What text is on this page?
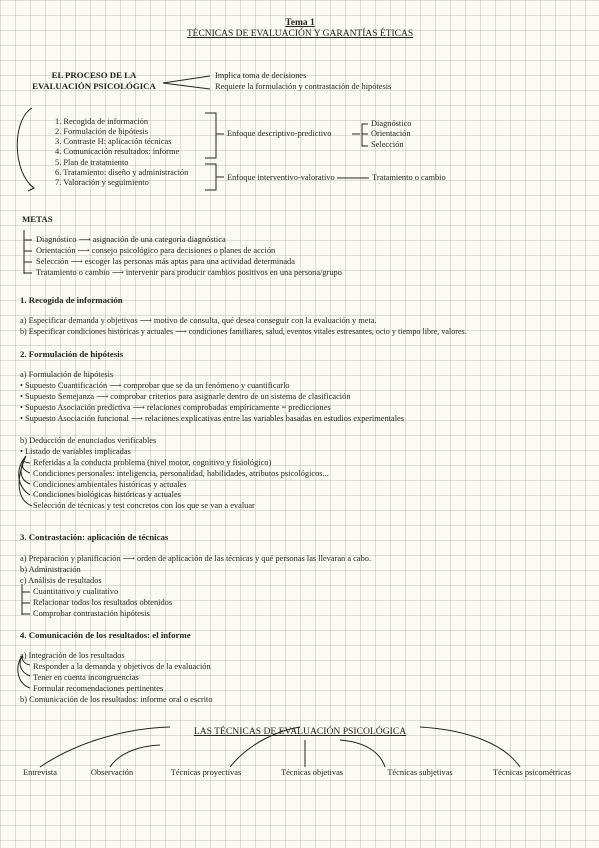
Tema 1
TÉCNICAS DE EVALUACIÓN Y GARANTÍAS ÉTICAS
EL PROCESO DE LA
EVALUACIÓN PSICOLÓGICA
Implica toma de decisiones
Requiere la formulación y contrastación de hipótesis
1. Recogida de información
2. Formulación de hipótesis
3. Contraste H: aplicación técnicas
4. Comunicación resultados: informe
5. Plan de tratamiento
6. Tratamiento: diseño y administración
7. Valoración y seguimiento
Enfoque descriptivo-predictivo
Diagnóstico
Orientación
Selección
Enfoque interventivo-valorativo	Tratamiento o cambio
METAS
Diagnóstico ⟶ asignación de una categoría diagnóstica
Orientación ⟶ consejo psicológico para decisiones o planes de acción
Selección ⟶ escoger las personas más aptas para una actividad determinada
Tratamiento o cambio ⟶ intervenir para producir cambios positivos en una persona/grupo
1. Recogida de información
a) Especificar demanda y objetivos ⟶ motivo de consulta, qué desea conseguir con la evaluación y meta.
b) Especificar condiciones históricas y actuales ⟶ condiciones familiares, salud, eventos vitales estresantes, ocio y tiempo libre, valores.
2. Formulación de hipótesis
a) Formulación de hipótesis
• Supuesto Cuantificación ⟶ comprobar que se da un fenómeno y cuantificarlo
• Supuesto Semejanza ⟶ comprobar criterios para asignarle dentro de un sistema de clasificación
• Supuesto Asociación predictiva ⟶ relaciones comprobadas empíricamente = predicciones
• Supuesto Asociación funcional ⟶ relaciones explicativas entre las variables basadas en estudios experimentales
b) Deducción de enunciados verificables
• Listado de variables implicadas
Referidas a la conducta problema (nivel motor, cognitivo y fisiológico)
Condiciones personales: inteligencia, personalidad, habilidades, atributos psicológicos...
Condiciones ambientales históricas y actuales
Condiciones biológicas históricas y actuales
Selección de técnicas y test concretos con los que se van a evaluar
3. Contrastación: aplicación de técnicas
a) Preparación y planificación ⟶ orden de aplicación de las técnicas y qué personas las llevaran a cabo.
b) Administración
c) Análisis de resultados
Cuantitativo y cualitativo
Relacionar todos los resultados obtenidos
Comprobar contrastación hipótesis
4. Comunicación de los resultados: el informe
a) Integración de los resultados
Responder a la demanda y objetivos de la evaluación
Tener en cuenta incongruencias
Formular recomendaciones pertinentes
b) Comunicación de los resultados: informe oral o escrito
LAS TÉCNICAS DE EVALUACIÓN PSICOLÓGICA
Entrevista	Observación	Técnicas proyectivas	Técnicas objetivas	Técnicas subjetivas	Técnicas psicométricas
